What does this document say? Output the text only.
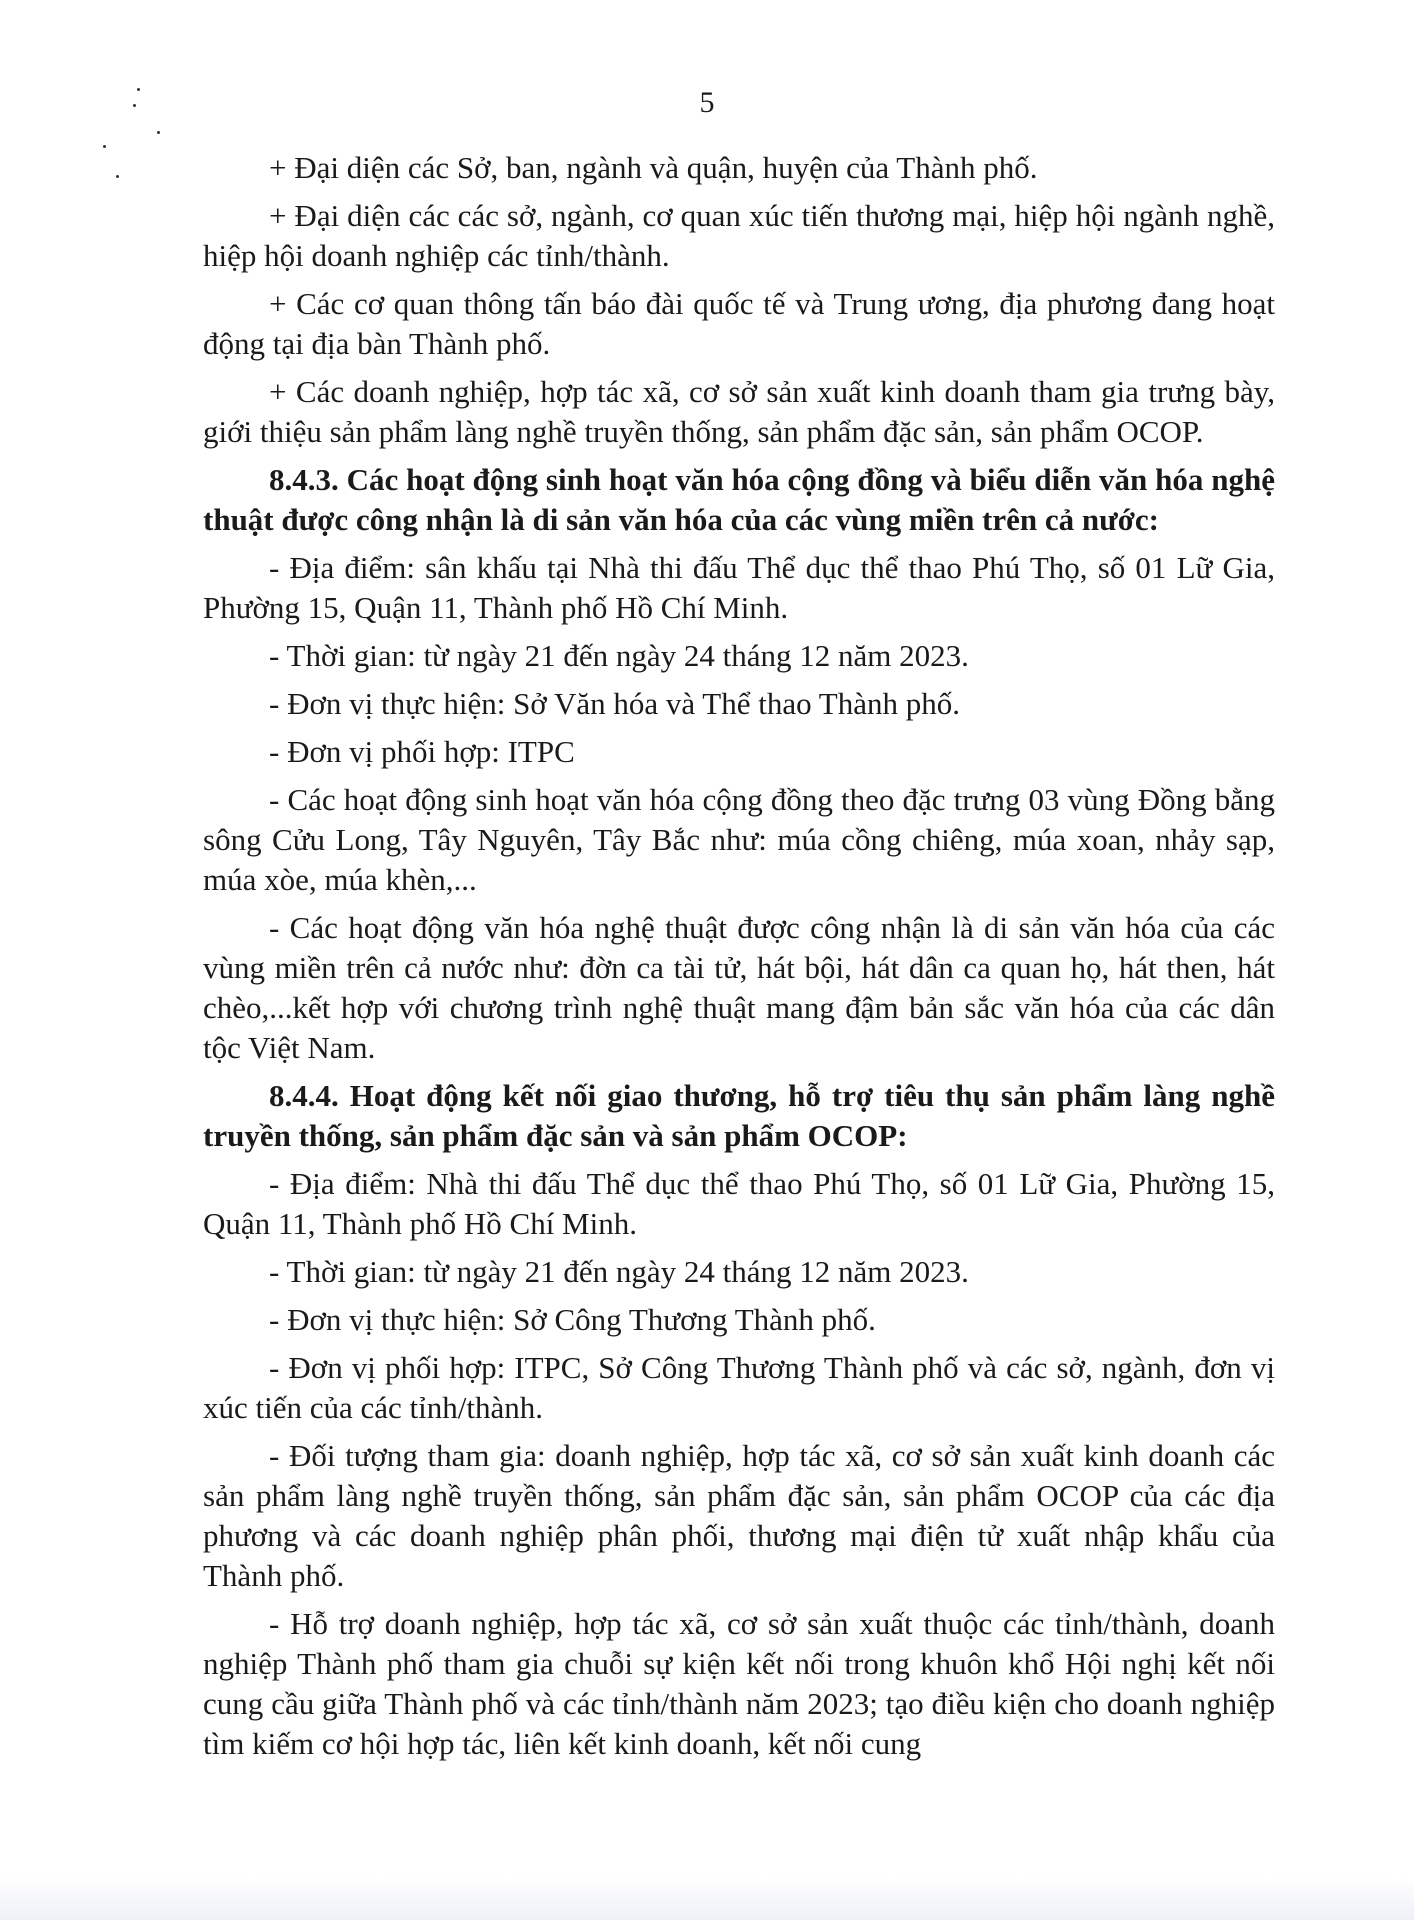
5

+ Đại diện các Sở, ban, ngành và quận, huyện của Thành phố.

+ Đại diện các các sở, ngành, cơ quan xúc tiến thương mại, hiệp hội ngành nghề, hiệp hội doanh nghiệp các tỉnh/thành.

+ Các cơ quan thông tấn báo đài quốc tế và Trung ương, địa phương đang hoạt động tại địa bàn Thành phố.

+ Các doanh nghiệp, hợp tác xã, cơ sở sản xuất kinh doanh tham gia trưng bày, giới thiệu sản phẩm làng nghề truyền thống, sản phẩm đặc sản, sản phẩm OCOP.

8.4.3. Các hoạt động sinh hoạt văn hóa cộng đồng và biểu diễn văn hóa nghệ thuật được công nhận là di sản văn hóa của các vùng miền trên cả nước:

- Địa điểm: sân khấu tại Nhà thi đấu Thể dục thể thao Phú Thọ, số 01 Lữ Gia, Phường 15, Quận 11, Thành phố Hồ Chí Minh.

- Thời gian: từ ngày 21 đến ngày 24 tháng 12 năm 2023.

- Đơn vị thực hiện: Sở Văn hóa và Thể thao Thành phố.

- Đơn vị phối hợp: ITPC

- Các hoạt động sinh hoạt văn hóa cộng đồng theo đặc trưng 03 vùng Đồng bằng sông Cửu Long, Tây Nguyên, Tây Bắc như: múa cồng chiêng, múa xoan, nhảy sạp, múa xòe, múa khèn,...

- Các hoạt động văn hóa nghệ thuật được công nhận là di sản văn hóa của các vùng miền trên cả nước như: đờn ca tài tử, hát bội, hát dân ca quan họ, hát then, hát chèo,...kết hợp với chương trình nghệ thuật mang đậm bản sắc văn hóa của các dân tộc Việt Nam.

8.4.4. Hoạt động kết nối giao thương, hỗ trợ tiêu thụ sản phẩm làng nghề truyền thống, sản phẩm đặc sản và sản phẩm OCOP:

- Địa điểm: Nhà thi đấu Thể dục thể thao Phú Thọ, số 01 Lữ Gia, Phường 15, Quận 11, Thành phố Hồ Chí Minh.

- Thời gian: từ ngày 21 đến ngày 24 tháng 12 năm 2023.

- Đơn vị thực hiện: Sở Công Thương Thành phố.

- Đơn vị phối hợp: ITPC, Sở Công Thương Thành phố và các sở, ngành, đơn vị xúc tiến của các tỉnh/thành.

- Đối tượng tham gia: doanh nghiệp, hợp tác xã, cơ sở sản xuất kinh doanh các sản phẩm làng nghề truyền thống, sản phẩm đặc sản, sản phẩm OCOP của các địa phương và các doanh nghiệp phân phối, thương mại điện tử xuất nhập khẩu của Thành phố.

- Hỗ trợ doanh nghiệp, hợp tác xã, cơ sở sản xuất thuộc các tỉnh/thành, doanh nghiệp Thành phố tham gia chuỗi sự kiện kết nối trong khuôn khổ Hội nghị kết nối cung cầu giữa Thành phố và các tỉnh/thành năm 2023; tạo điều kiện cho doanh nghiệp tìm kiếm cơ hội hợp tác, liên kết kinh doanh, kết nối cung
